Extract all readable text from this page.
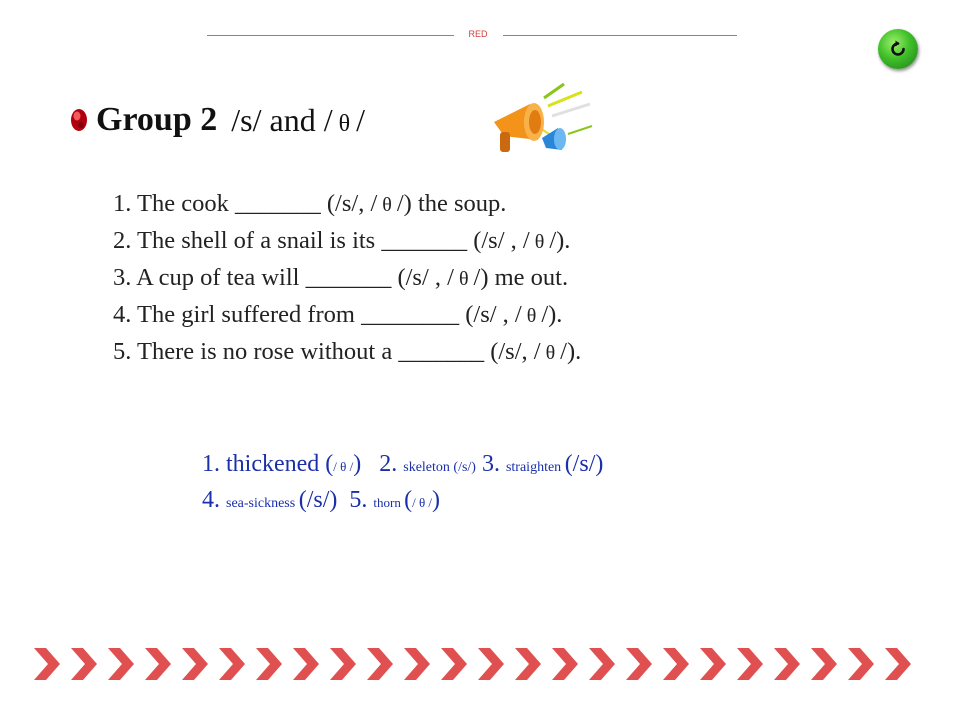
RED
Group 2 /s/ and / θ /
1. The cook _______ (/s/, / θ /) the soup.
2. The shell of a snail is its _______ (/s/ , / θ /).
3. A cup of tea will _______ (/s/ , / θ /) me out.
4. The girl suffered from ________ (/s/ , / θ /).
5. There is no rose without a _______ (/s/, / θ /).
1. thickened (/ θ /) 2. skeleton (/s/) 3. straighten (/s/)
4. sea-sickness (/s/) 5. thorn (/ θ /)
